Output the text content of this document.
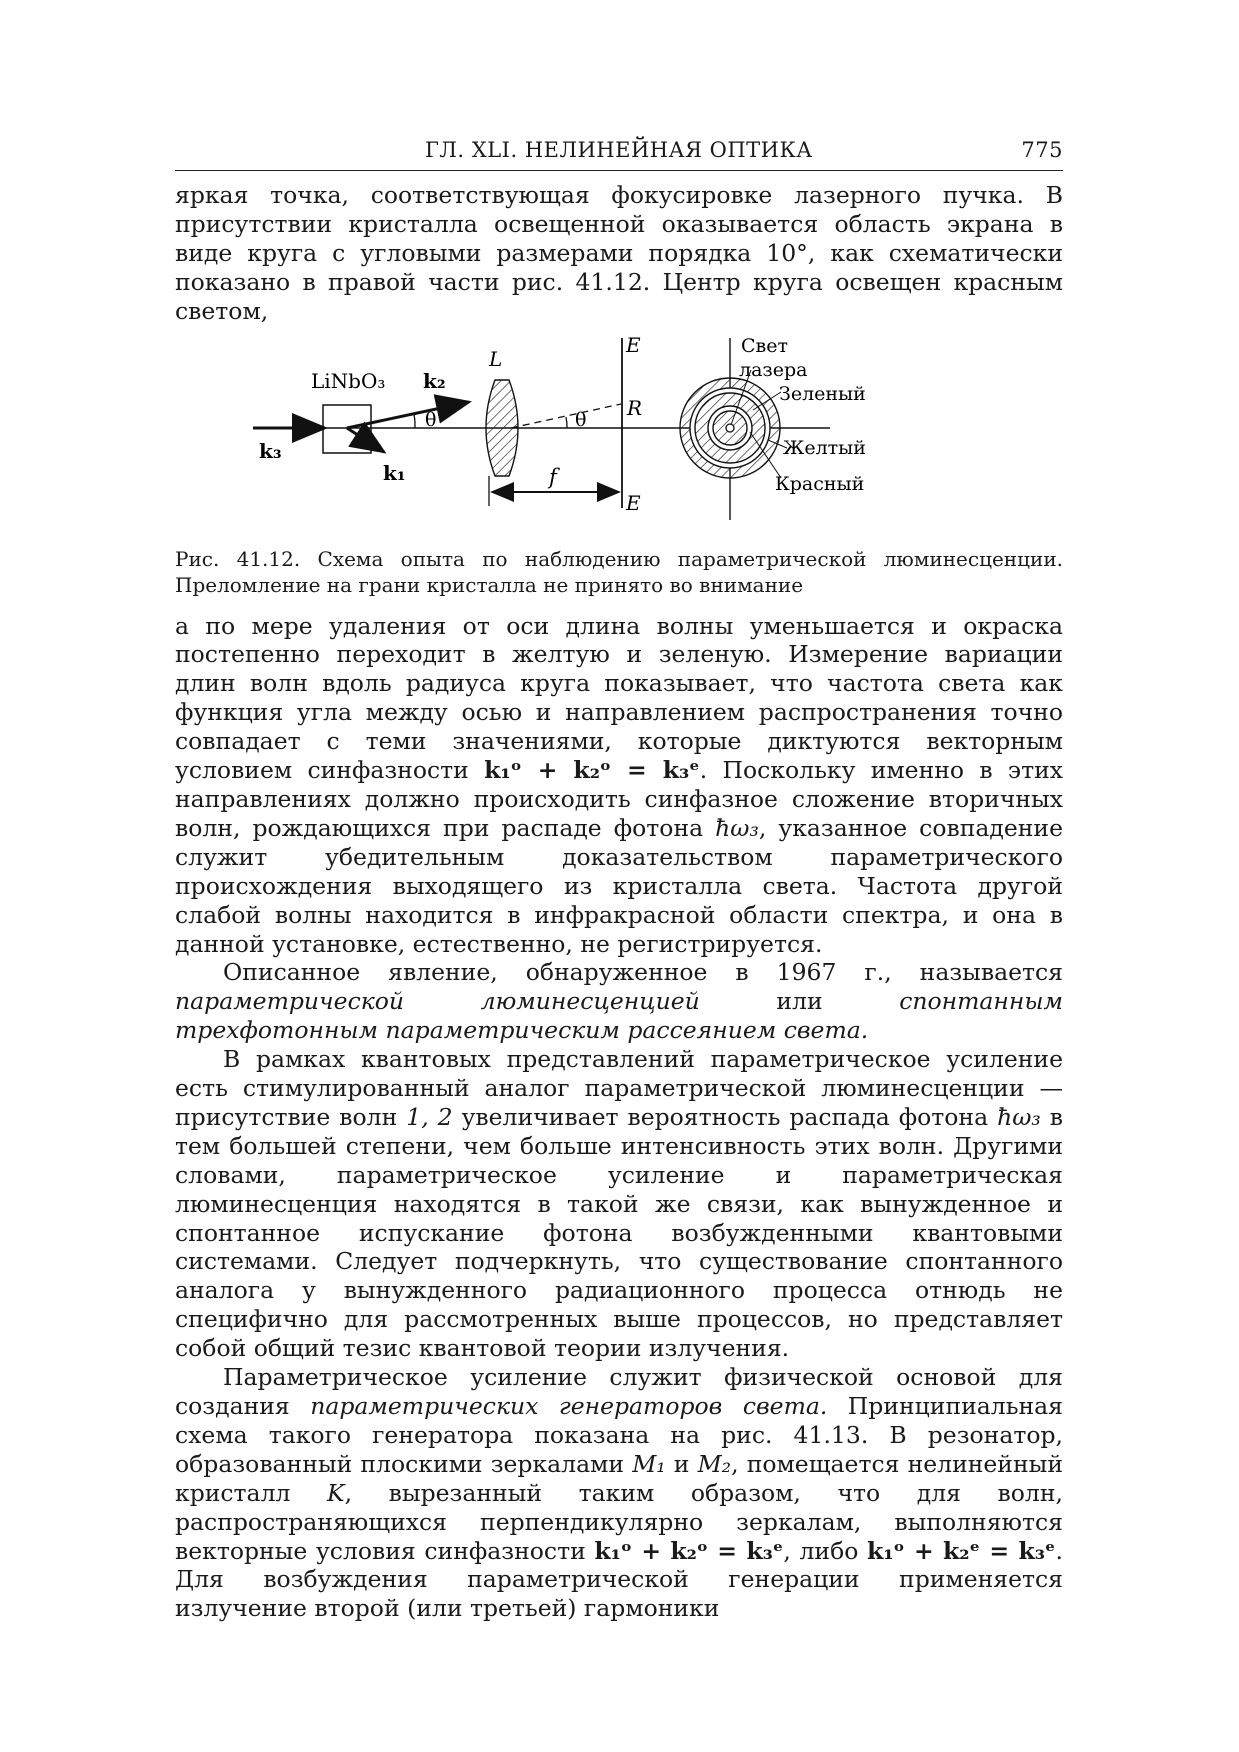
ГЛ. XLI. НЕЛИНЕЙНАЯ ОПТИКА	775

яркая точка, соответствующая фокусировке лазерного пучка. В присутствии кристалла освещенной оказывается область экрана в виде круга с угловыми размерами порядка 10°, как схематически показано в правой части рис. 41.12. Центр круга освещен красным светом,

LiNbO₃ k₂
k₃
k₁
L
θ	θ
f
E
E
R
Свет
лазера
Зеленый
Желтый
Красный
Рис. 41.12. Схема опыта по наблюдению параметрической люминесценции. Преломление на грани кристалла не принято во внимание

а по мере удаления от оси длина волны уменьшается и окраска постепенно переходит в желтую и зеленую. Измерение вариации длин волн вдоль радиуса круга показывает, что частота света как функция угла между осью и направлением распространения точно совпадает с теми значениями, которые диктуются векторным условием синфазности k₁ᵒ + k₂ᵒ = k₃ᵉ. Поскольку именно в этих направлениях должно происходить синфазное сложение вторичных волн, рождающихся при распаде фотона ħω₃, указанное совпадение служит убедительным доказательством параметрического происхождения выходящего из кристалла света. Частота другой слабой волны находится в инфракрасной области спектра, и она в данной установке, естественно, не регистрируется.

Описанное явление, обнаруженное в 1967 г., называется параметрической люминесценцией или спонтанным трехфотонным параметрическим рассеянием света.

В рамках квантовых представлений параметрическое усиление есть стимулированный аналог параметрической люминесценции — присутствие волн 1, 2 увеличивает вероятность распада фотона ħω₃ в тем большей степени, чем больше интенсивность этих волн. Другими словами, параметрическое усиление и параметрическая люминесценция находятся в такой же связи, как вынужденное и спонтанное испускание фотона возбужденными квантовыми системами. Следует подчеркнуть, что существование спонтанного аналога у вынужденного радиационного процесса отнюдь не специфично для рассмотренных выше процессов, но представляет собой общий тезис квантовой теории излучения.

Параметрическое усиление служит физической основой для создания параметрических генераторов света. Принципиальная схема такого генератора показана на рис. 41.13. В резонатор, образованный плоскими зеркалами M₁ и M₂, помещается нелинейный кристалл K, вырезанный таким образом, что для волн, распространяющихся перпендикулярно зеркалам, выполняются векторные условия синфазности k₁ᵒ + k₂ᵒ = k₃ᵉ, либо k₁ᵒ + k₂ᵉ = k₃ᵉ. Для возбуждения параметрической генерации применяется излучение второй (или третьей) гармоники
